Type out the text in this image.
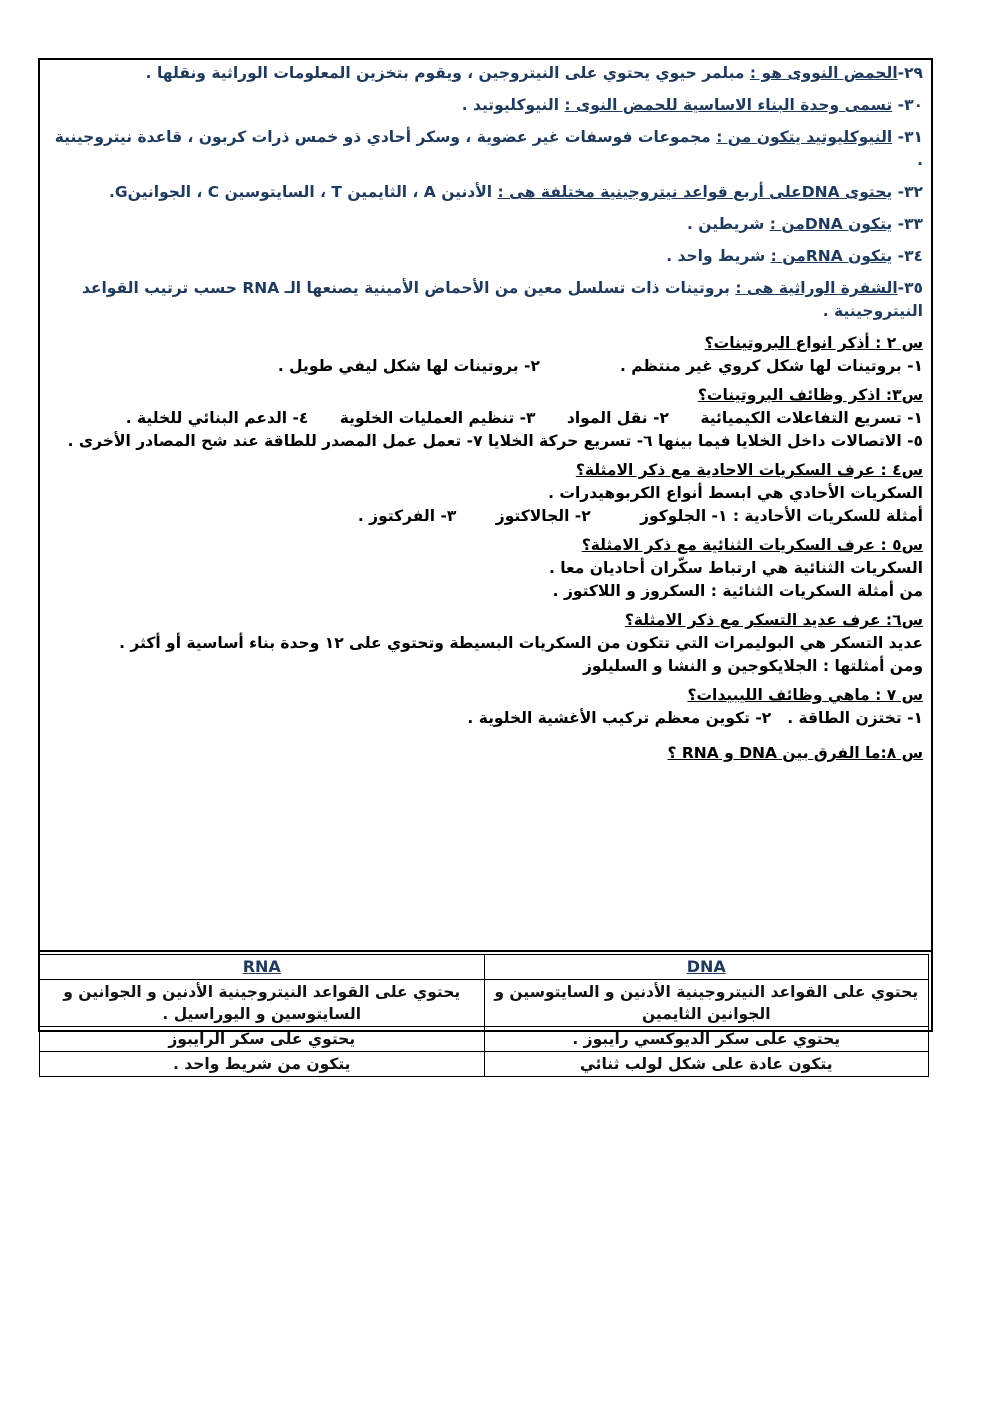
٢٩-الحمض النووى هو : مبلمر حيوي يحتوي على النيتروجين ، ويقوم بتخزين المعلومات الوراثية ونقلها .
٣٠- تسمى وحدة البناء الاساسية للحمض النوى : النيوكليوتيد .
٣١- النيوكليوتيد يتكون من : مجموعات فوسفات غير عضوية ، وسكر أحادي ذو خمس ذرات كربون ، قاعدة نيتروجينية .
٣٢- يحتوى DNAعلى أربع قواعد نيتروجينية مختلفة هى : الأدنين A ، الثايمين T ، السايتوسين C ، الجوانينG.
٣٣- يتكون DNAمن : شريطين .
٣٤- يتكون RNAمن : شريط واحد .
٣٥-الشفرة الوراثية هى : بروتينات ذات تسلسل معين من الأحماض الأمينية يصنعها الـ RNA حسب ترتيب القواعد النيتروجينية .
س ٢ : أذكر انواع البروتينات؟

١- بروتينات لها شكل كروي غير منتظم .٢- بروتينات لها شكل ليفي طويل .

س٣: اذكر وظائف البروتينات؟

١- تسريع التفاعلات الكيميائية ٢- نقل المواد ٣- تنظيم العمليات الخلوية ٤- الدعم البنائي للخلية .

٥- الاتصالات داخل الخلايا فيما بينها ٦- تسريع حركة الخلايا ٧- تعمل عمل المصدر للطاقة عند شح المصادر الأخرى .

س٤ : عرف السكريات الاحادية مع ذكر الامثلة؟

السكريات الأحادي هي ابسط أنواع الكربوهيدرات .

أمثلة للسكريات الأحادية : ١- الجلوكوز ٢- الجالاكتوز ٣- الفركتوز .

س٥ : عرف السكريات الثنائية مع ذكر الامثلة؟

السكريات الثنائية هي ارتباط سكّران أحاديان معا .

من أمثلة السكريات الثنائية : السكروز و اللاكتوز .

س٦: عرف عديد التسكر مع ذكر الامثلة؟

عديد التسكر هي البوليمرات التي تتكون من السكريات البسيطة وتحتوي على ١٢ وحدة بناء أساسية أو أكثر .

ومن أمثلتها : الجلايكوجين و النشا و السليلوز

س ٧ : ماهي وظائف الليبيدات؟

١- تختزن الطاقة .٢- تكوين معظم تركيب الأغشية الخلوية .

س ٨:ما الفرق بين DNA و RNA ؟
DNA	RNA
يحتوي على القواعد النيتروجينية الأدنين و السايتوسين و الجوانين الثايمين	يحتوي على القواعد النيتروجينية الأدنين و الجوانين و السايتوسين و اليوراسيل .
يحتوي على سكر الديوكسي رايبوز .	يحتوي على سكر الرايبوز
يتكون عادة على شكل لولب ثنائي	يتكون من شريط واحد .
